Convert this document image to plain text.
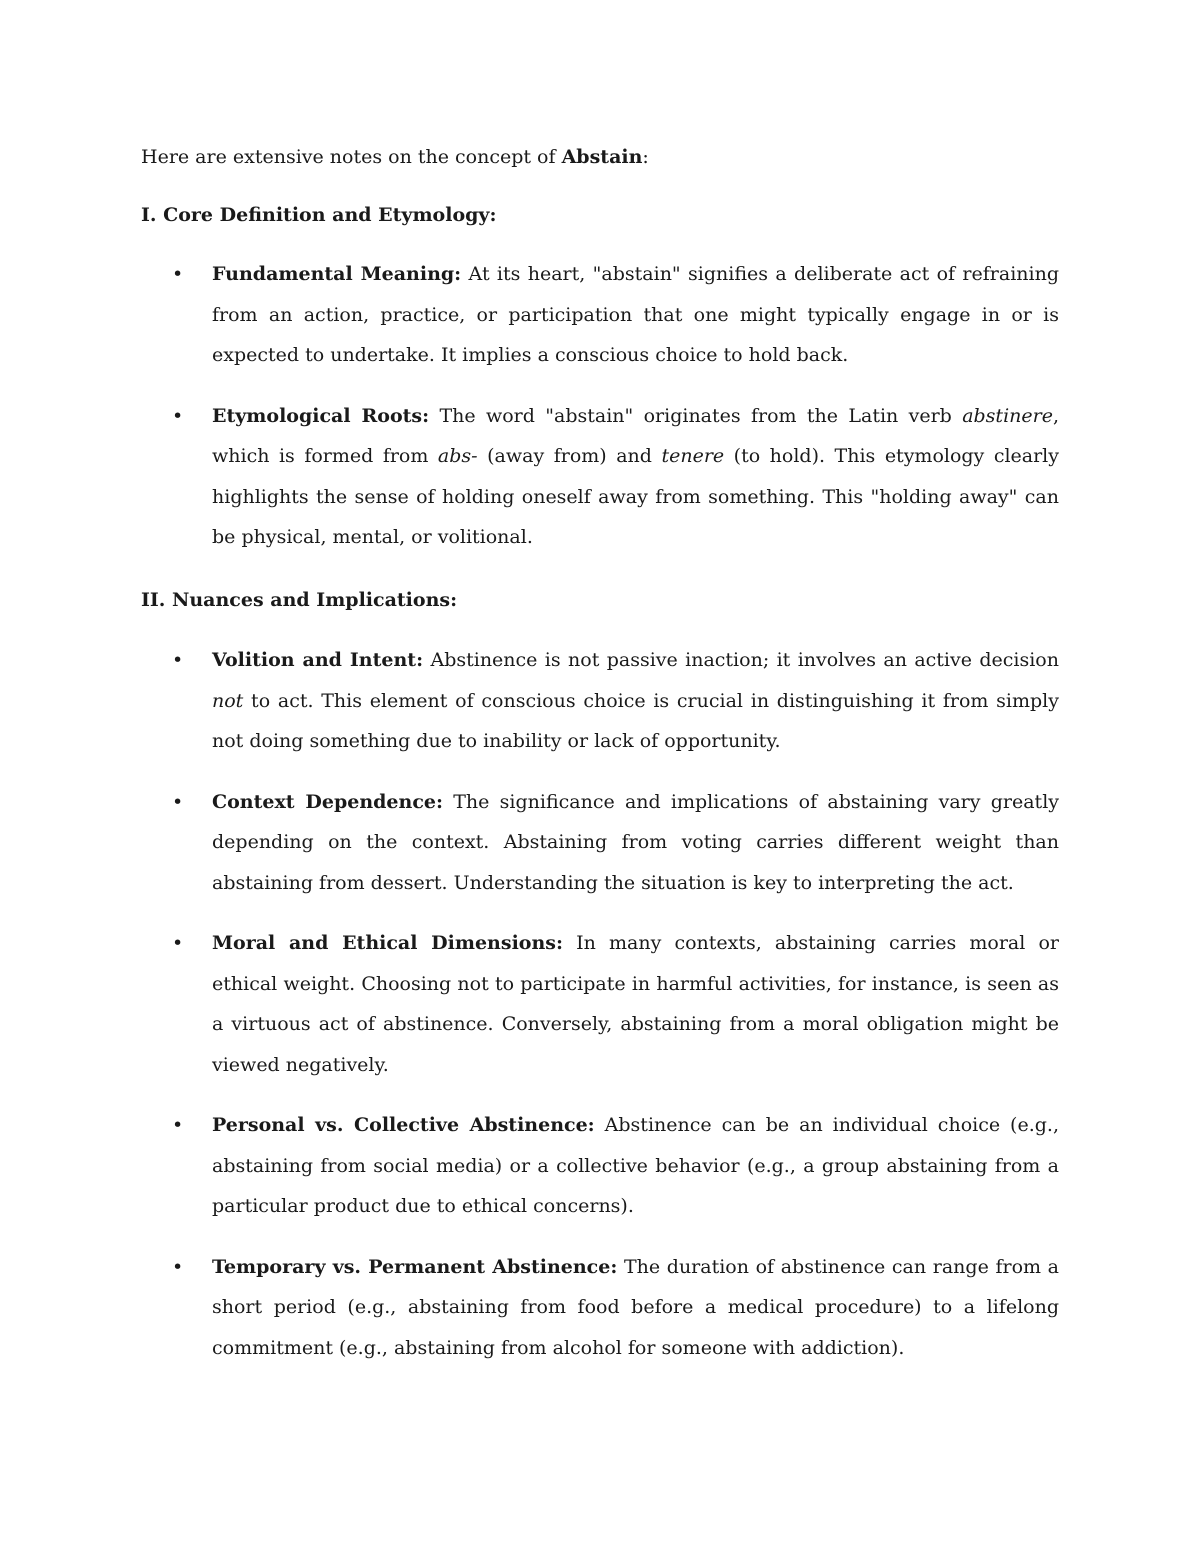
Here are extensive notes on the concept of Abstain:

I. Core Definition and Etymology:

• Fundamental Meaning: At its heart, "abstain" signifies a deliberate act of refraining from an action, practice, or participation that one might typically engage in or is expected to undertake. It implies a conscious choice to hold back.
• Etymological Roots: The word "abstain" originates from the Latin verb abstinere, which is formed from abs- (away from) and tenere (to hold). This etymology clearly highlights the sense of holding oneself away from something. This "holding away" can be physical, mental, or volitional.

II. Nuances and Implications:

• Volition and Intent: Abstinence is not passive inaction; it involves an active decision not to act. This element of conscious choice is crucial in distinguishing it from simply not doing something due to inability or lack of opportunity.
• Context Dependence: The significance and implications of abstaining vary greatly depending on the context. Abstaining from voting carries different weight than abstaining from dessert. Understanding the situation is key to interpreting the act.
• Moral and Ethical Dimensions: In many contexts, abstaining carries moral or ethical weight. Choosing not to participate in harmful activities, for instance, is seen as a virtuous act of abstinence. Conversely, abstaining from a moral obligation might be viewed negatively.
• Personal vs. Collective Abstinence: Abstinence can be an individual choice (e.g., abstaining from social media) or a collective behavior (e.g., a group abstaining from a particular product due to ethical concerns).
• Temporary vs. Permanent Abstinence: The duration of abstinence can range from a short period (e.g., abstaining from food before a medical procedure) to a lifelong commitment (e.g., abstaining from alcohol for someone with addiction).
